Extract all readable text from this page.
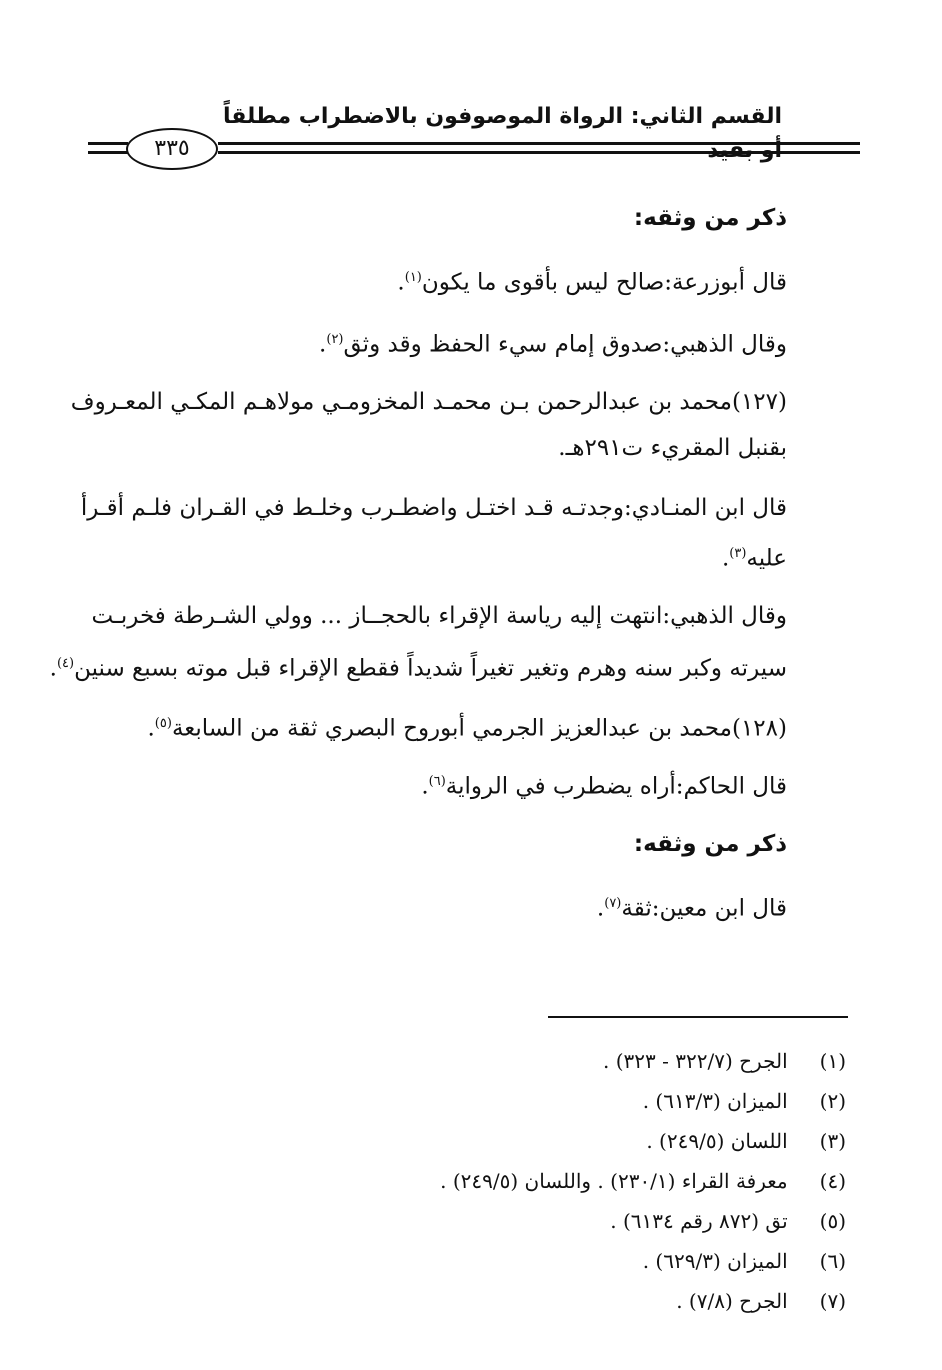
القسم الثاني: الرواة الموصوفون بالاضطراب مطلقاً
٣٣٥
ذكر من وثقه:
قال أبوزرعة:صالح ليس بأقوى ما يكون$^{(١)}$.
وقال الذهبي:صدوق إمام سيء الحفظ وقد وثق$^{(٢)}$.
(١٢٧)محمد بن عبدالرحمن بـن محمـد المخزومـي مولاهـم المكـي المعـروف
بقنبل المقريء ت٢٩١هـ.
قال ابن المنـادي:وجدتـه قـد اختـل واضطـرب وخلـط في القـران فلـم أقـرأ
عليه$^{(٣)}$.
وقال الذهبي:انتهت إليه رياسة الإقراء بالحجــاز ... وولي الشـرطة فخربـت
سيرته وكبر سنه وهرم وتغير تغيراً شديداً فقطع الإقراء قبل موته بسبع سنين$^{(٤)}$.
(١٢٨)محمد بن عبدالعزيز الجرمي أبوروح البصري ثقة من السابعة$^{(٥)}$.
قال الحاكم:أراه يضطرب في الرواية$^{(٦)}$.
ذكر من وثقه:
قال ابن معين:ثقة$^{(٧)}$.
(١) الجرح (٣٢٢/٧ - ٣٢٣) .
(٢) الميزان (٦١٣/٣) .
(٣) اللسان (٢٤٩/٥) .
(٤) معرفة القراء (٢٣٠/١) . واللسان (٢٤٩/٥) .
(٥) تق (٨٧٢ رقم ٦١٣٤) .
(٦) الميزان (٦٢٩/٣) .
(٧) الجرح (٧/٨) .
